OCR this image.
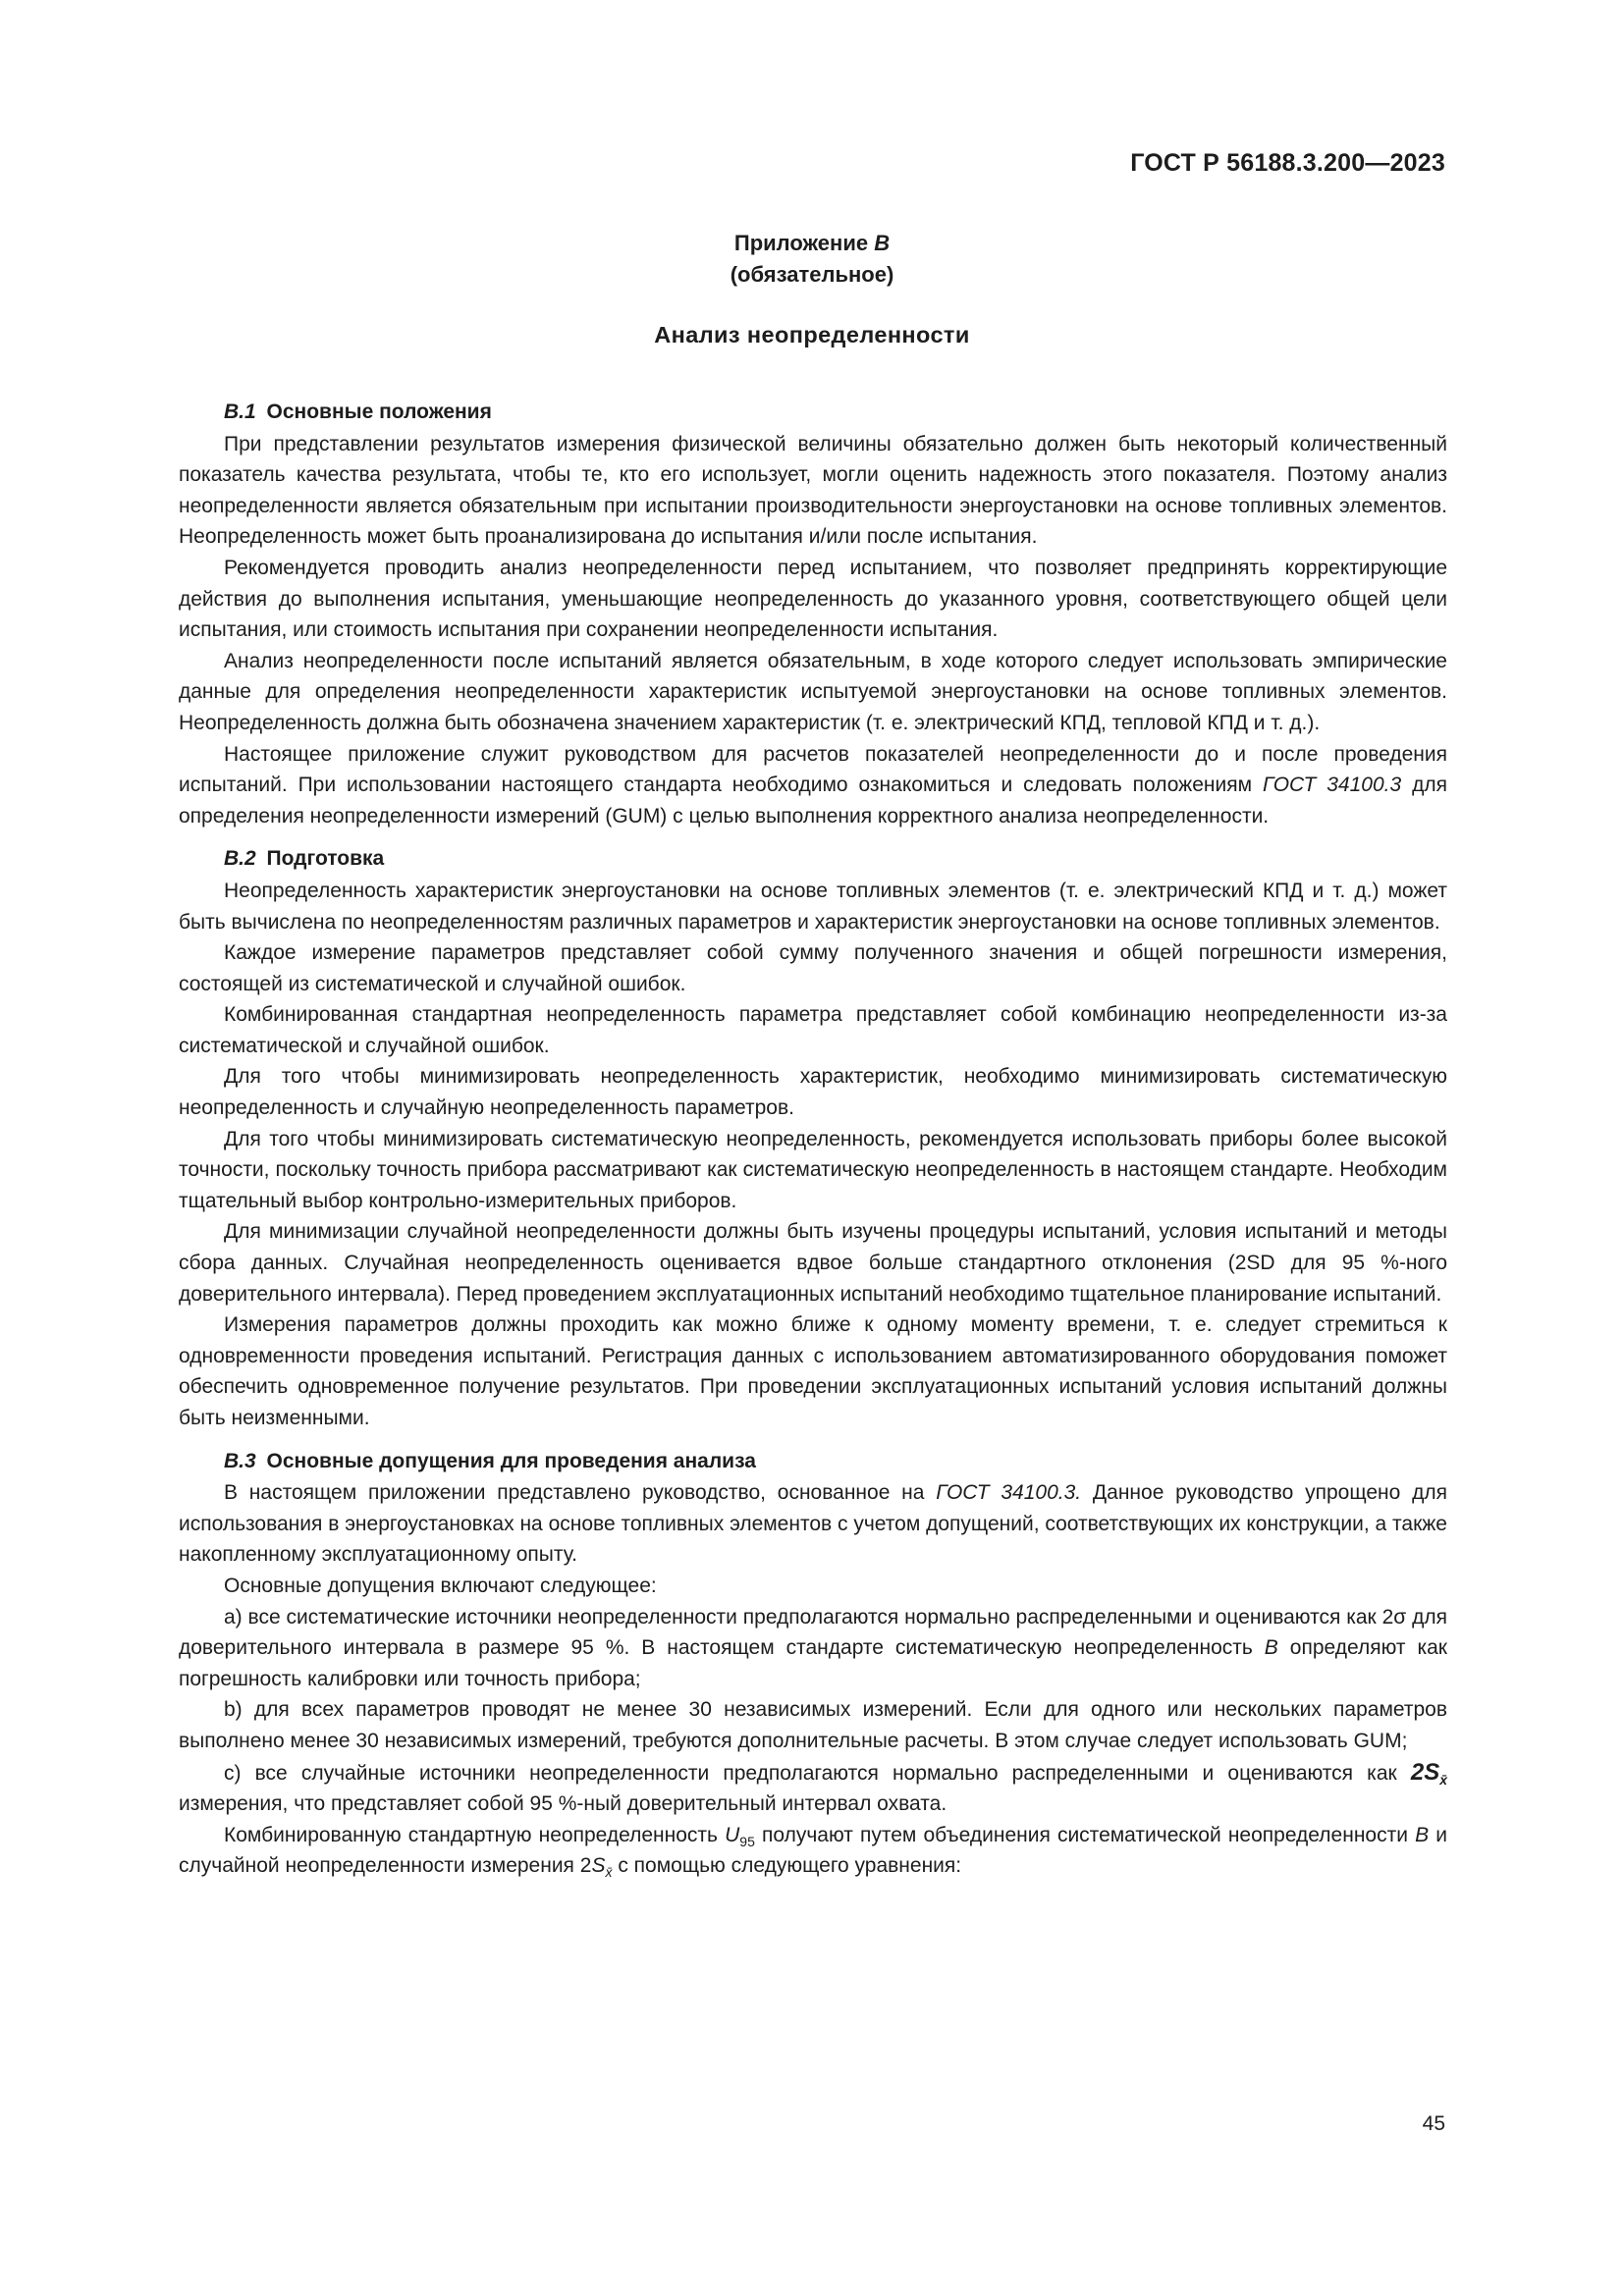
ГОСТ Р 56188.3.200—2023
Приложение В
(обязательное)
Анализ неопределенности
В.1 Основные положения

При представлении результатов измерения физической величины обязательно должен быть некоторый количественный показатель качества результата, чтобы те, кто его использует, могли оценить надежность этого показателя. Поэтому анализ неопределенности является обязательным при испытании производительности энергоустановки на основе топливных элементов. Неопределенность может быть проанализирована до испытания и/или после испытания.

Рекомендуется проводить анализ неопределенности перед испытанием, что позволяет предпринять корректирующие действия до выполнения испытания, уменьшающие неопределенность до указанного уровня, соответствующего общей цели испытания, или стоимость испытания при сохранении неопределенности испытания.

Анализ неопределенности после испытаний является обязательным, в ходе которого следует использовать эмпирические данные для определения неопределенности характеристик испытуемой энергоустановки на основе топливных элементов. Неопределенность должна быть обозначена значением характеристик (т. е. электрический КПД, тепловой КПД и т. д.).

Настоящее приложение служит руководством для расчетов показателей неопределенности до и после проведения испытаний. При использовании настоящего стандарта необходимо ознакомиться и следовать положениям ГОСТ 34100.3 для определения неопределенности измерений (GUM) с целью выполнения корректного анализа неопределенности.

В.2 Подготовка

Неопределенность характеристик энергоустановки на основе топливных элементов (т. е. электрический КПД и т. д.) может быть вычислена по неопределенностям различных параметров и характеристик энергоустановки на основе топливных элементов.

Каждое измерение параметров представляет собой сумму полученного значения и общей погрешности измерения, состоящей из систематической и случайной ошибок.

Комбинированная стандартная неопределенность параметра представляет собой комбинацию неопределенности из-за систематической и случайной ошибок.

Для того чтобы минимизировать неопределенность характеристик, необходимо минимизировать систематическую неопределенность и случайную неопределенность параметров.

Для того чтобы минимизировать систематическую неопределенность, рекомендуется использовать приборы более высокой точности, поскольку точность прибора рассматривают как систематическую неопределенность в настоящем стандарте. Необходим тщательный выбор контрольно-измерительных приборов.

Для минимизации случайной неопределенности должны быть изучены процедуры испытаний, условия испытаний и методы сбора данных. Случайная неопределенность оценивается вдвое больше стандартного отклонения (2SD для 95 %-ного доверительного интервала). Перед проведением эксплуатационных испытаний необходимо тщательное планирование испытаний.

Измерения параметров должны проходить как можно ближе к одному моменту времени, т. е. следует стремиться к одновременности проведения испытаний. Регистрация данных с использованием автоматизированного оборудования поможет обеспечить одновременное получение результатов. При проведении эксплуатационных испытаний условия испытаний должны быть неизменными.

В.3 Основные допущения для проведения анализа

В настоящем приложении представлено руководство, основанное на ГОСТ 34100.3. Данное руководство упрощено для использования в энергоустановках на основе топливных элементов с учетом допущений, соответствующих их конструкции, а также накопленному эксплуатационному опыту.

Основные допущения включают следующее:

а) все систематические источники неопределенности предполагаются нормально распределенными и оцениваются как 2σ для доверительного интервала в размере 95 %. В настоящем стандарте систематическую неопределенность B определяют как погрешность калибровки или точность прибора;

b) для всех параметров проводят не менее 30 независимых измерений. Если для одного или нескольких параметров выполнено менее 30 независимых измерений, требуются дополнительные расчеты. В этом случае следует использовать GUM;

c) все случайные источники неопределенности предполагаются нормально распределенными и оцениваются как $2S_{x̄}$ измерения, что представляет собой 95 %-ный доверительный интервал охвата.

Комбинированную стандартную неопределенность $U_{95}$ получают путем объединения систематической неопределенности B и случайной неопределенности измерения $2S_{x̄}$ с помощью следующего уравнения:

45
